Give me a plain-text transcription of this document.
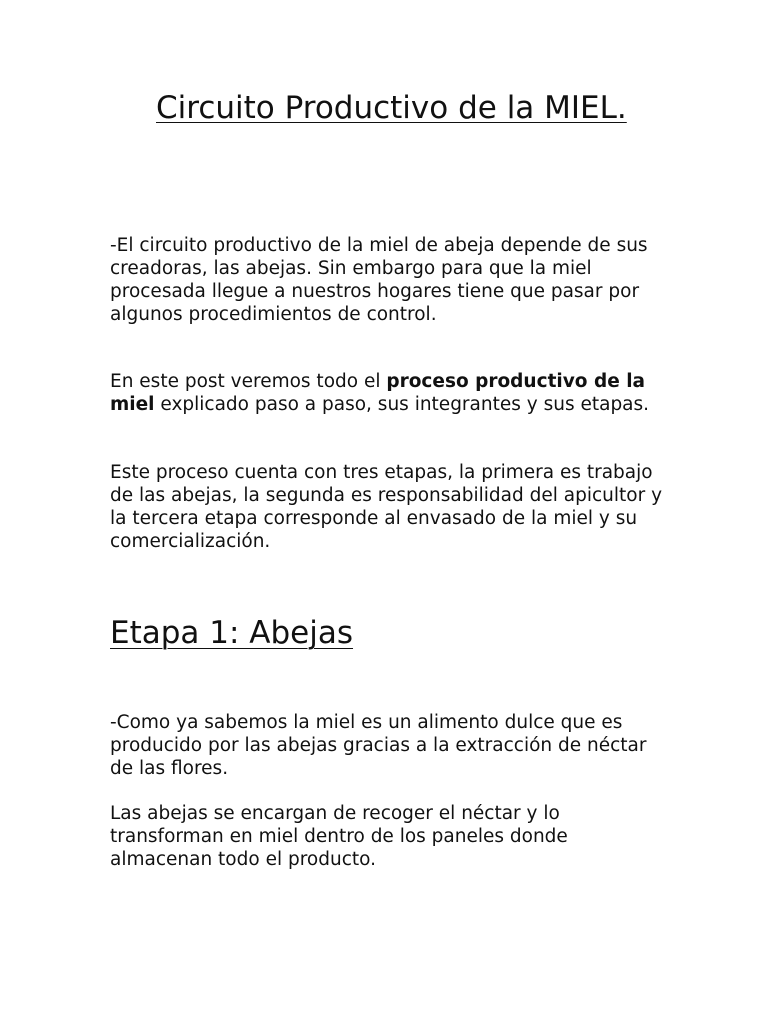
Circuito Productivo de la MIEL.

-El circuito productivo de la miel de abeja depende de sus creadoras, las abejas. Sin embargo para que la miel procesada llegue a nuestros hogares tiene que pasar por algunos procedimientos de control.

En este post veremos todo el proceso productivo de la miel explicado paso a paso, sus integrantes y sus etapas.

Este proceso cuenta con tres etapas, la primera es trabajo de las abejas, la segunda es responsabilidad del apicultor y la tercera etapa corresponde al envasado de la miel y su comercialización.

Etapa 1: Abejas

-Como ya sabemos la miel es un alimento dulce que es producido por las abejas gracias a la extracción de néctar de las flores.

Las abejas se encargan de recoger el néctar y lo transforman en miel dentro de los paneles donde almacenan todo el producto.
